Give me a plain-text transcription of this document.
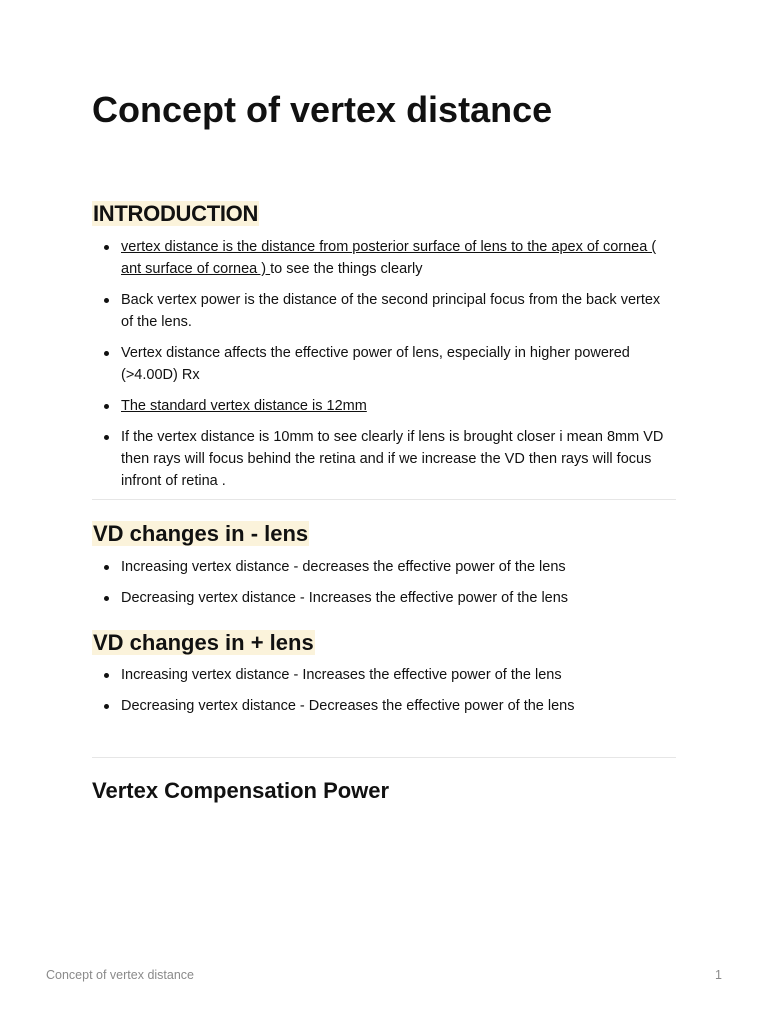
Concept of vertex distance
INTRODUCTION
vertex distance is the distance from posterior surface of lens to the apex of cornea ( ant surface of cornea ) to see the things clearly
Back vertex power is the distance of the second principal focus from the back vertex of the lens.
Vertex distance affects the effective power of lens, especially in higher powered (>4.00D) Rx
The standard vertex distance is 12mm
If the vertex distance is 10mm to see clearly if lens is brought closer i mean 8mm VD then rays will focus behind the retina and if we increase the VD then rays will focus infront of retina .
VD changes in - lens
Increasing vertex distance - decreases the effective power of the lens
Decreasing vertex distance - Increases the effective power of the lens
VD changes in + lens
Increasing vertex distance - Increases the effective power of the lens
Decreasing vertex distance - Decreases the effective power of the lens
Vertex Compensation Power
Concept of vertex distance	1
